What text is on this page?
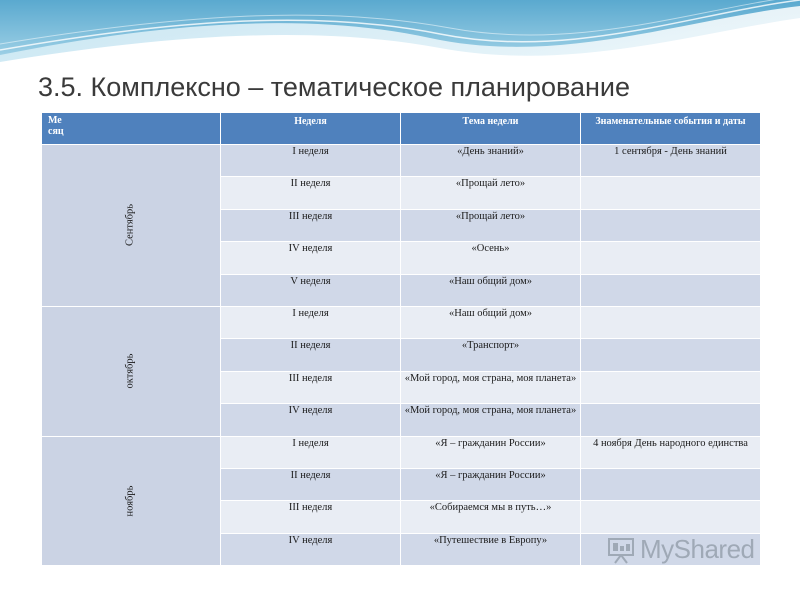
3.5. Комплексно – тематическое планирование
Ме
сяц	Неделя	Тема недели	Знаменательные события и даты

Сентябрь	I неделя	«День знаний»	1 сентября - День знаний
	II неделя	«Прощай лето»	
	III неделя	«Прощай лето»	
	IV неделя	«Осень»	
	V неделя	«Наш общий дом»	

октябрь	I неделя	«Наш общий дом»	
	II неделя	«Транспорт»	
	III неделя	«Мой город, моя страна, моя планета»	
	IV неделя	«Мой город, моя страна, моя планета»	

ноябрь	I неделя	«Я – гражданин России»	4 ноября День народного единства
	II неделя	«Я – гражданин России»	
	III неделя	«Собираемся мы в путь…»	
	IV неделя	«Путешествие в Европу»		MyShared
